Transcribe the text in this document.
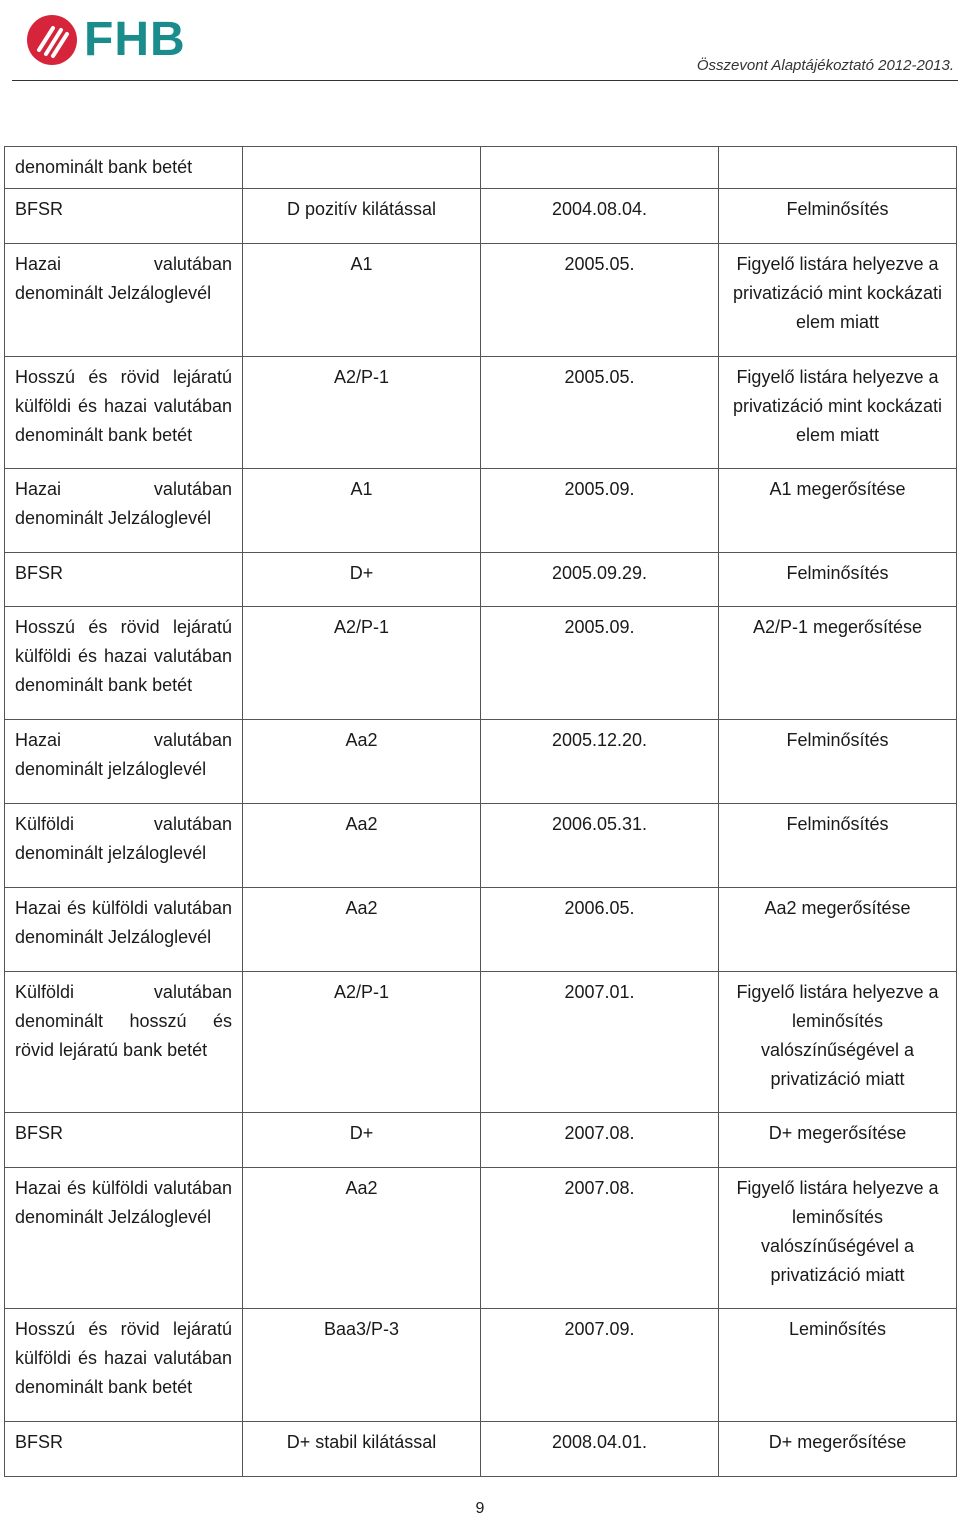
FHB	Összevont Alaptájékoztató 2012-2013.
denominált bank betét			
BFSR	D pozitív kilátással	2004.08.04.	Felminősítés
Hazai valutában denominált Jelzáloglevél	A1	2005.05.	Figyelő listára helyezve a privatizáció mint kockázati elem miatt
Hosszú és rövid lejáratú külföldi és hazai valutában denominált bank betét	A2/P-1	2005.05.	Figyelő listára helyezve a privatizáció mint kockázati elem miatt
Hazai valutában denominált Jelzáloglevél	A1	2005.09.	A1 megerősítése
BFSR	D+	2005.09.29.	Felminősítés
Hosszú és rövid lejáratú külföldi és hazai valutában denominált bank betét	A2/P-1	2005.09.	A2/P-1 megerősítése
Hazai valutában denominált jelzáloglevél	Aa2	2005.12.20.	Felminősítés
Külföldi valutában denominált jelzáloglevél	Aa2	2006.05.31.	Felminősítés
Hazai és külföldi valutában denominált Jelzáloglevél	Aa2	2006.05.	Aa2 megerősítése
Külföldi valutában denominált hosszú és rövid lejáratú bank betét	A2/P-1	2007.01.	Figyelő listára helyezve a leminősítés valószínűségével a privatizáció miatt
BFSR	D+	2007.08.	D+ megerősítése
Hazai és külföldi valutában denominált Jelzáloglevél	Aa2	2007.08.	Figyelő listára helyezve a leminősítés valószínűségével a privatizáció miatt
Hosszú és rövid lejáratú külföldi és hazai valutában denominált bank betét	Baa3/P-3	2007.09.	Leminősítés
BFSR	D+ stabil kilátással	2008.04.01.	D+ megerősítése
9
